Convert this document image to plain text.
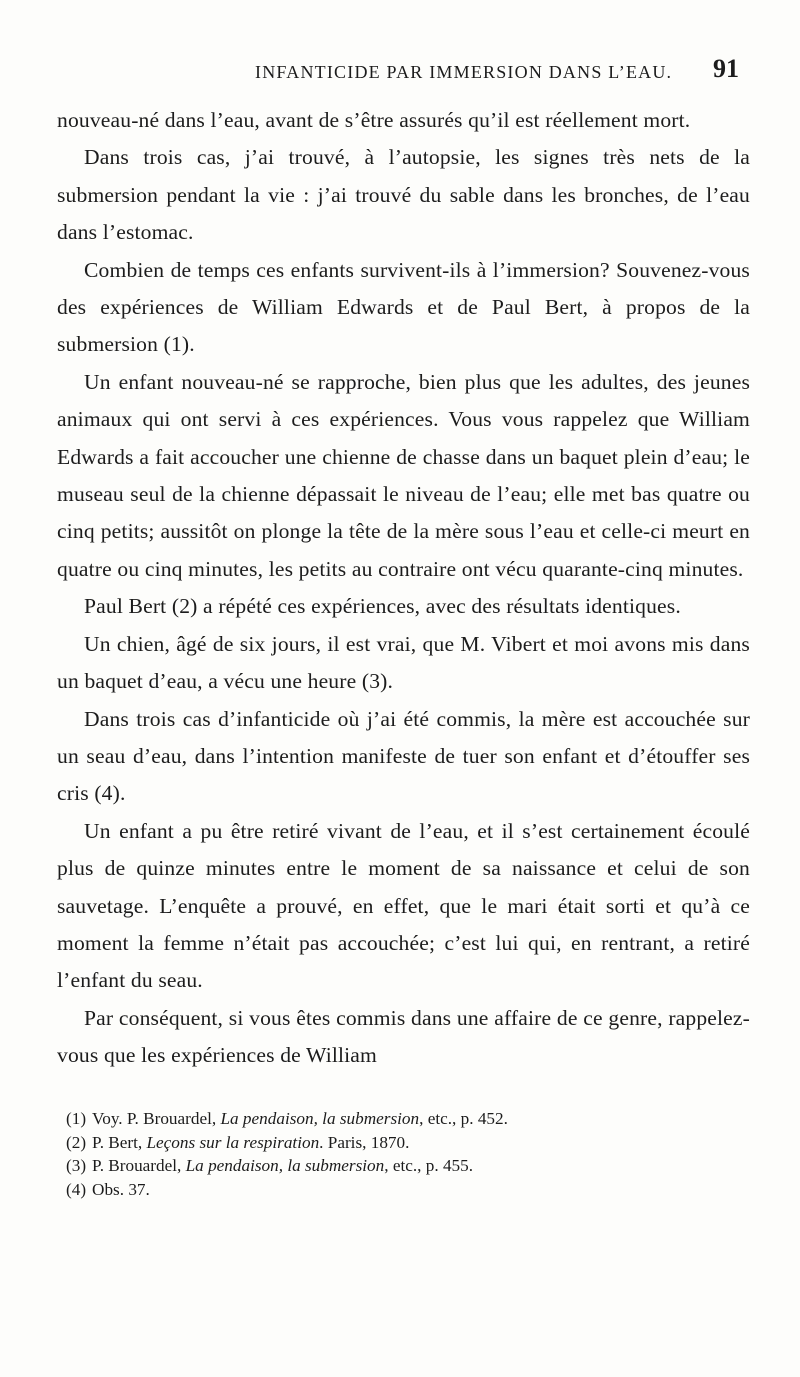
INFANTICIDE PAR IMMERSION DANS L’EAU. 91

nouveau-né dans l’eau, avant de s’être assurés qu’il est réellement mort.

Dans trois cas, j’ai trouvé, à l’autopsie, les signes très nets de la submersion pendant la vie : j’ai trouvé du sable dans les bronches, de l’eau dans l’estomac.

Combien de temps ces enfants survivent-ils à l’immersion? Souvenez-vous des expériences de William Edwards et de Paul Bert, à propos de la submersion (1).

Un enfant nouveau-né se rapproche, bien plus que les adultes, des jeunes animaux qui ont servi à ces expériences. Vous vous rappelez que William Edwards a fait accoucher une chienne de chasse dans un baquet plein d’eau; le museau seul de la chienne dépassait le niveau de l’eau; elle met bas quatre ou cinq petits; aussitôt on plonge la tête de la mère sous l’eau et celle-ci meurt en quatre ou cinq minutes, les petits au contraire ont vécu quarante-cinq minutes.

Paul Bert (2) a répété ces expériences, avec des résultats identiques.

Un chien, âgé de six jours, il est vrai, que M. Vibert et moi avons mis dans un baquet d’eau, a vécu une heure (3).

Dans trois cas d’infanticide où j’ai été commis, la mère est accouchée sur un seau d’eau, dans l’intention manifeste de tuer son enfant et d’étouffer ses cris (4).

Un enfant a pu être retiré vivant de l’eau, et il s’est certainement écoulé plus de quinze minutes entre le moment de sa naissance et celui de son sauvetage. L’enquête a prouvé, en effet, que le mari était sorti et qu’à ce moment la femme n’était pas accouchée; c’est lui qui, en rentrant, a retiré l’enfant du seau.

Par conséquent, si vous êtes commis dans une affaire de ce genre, rappelez-vous que les expériences de William

(1) Voy. P. Brouardel, La pendaison, la submersion, etc., p. 452.
(2) P. Bert, Leçons sur la respiration. Paris, 1870.
(3) P. Brouardel, La pendaison, la submersion, etc., p. 455.
(4) Obs. 37.
